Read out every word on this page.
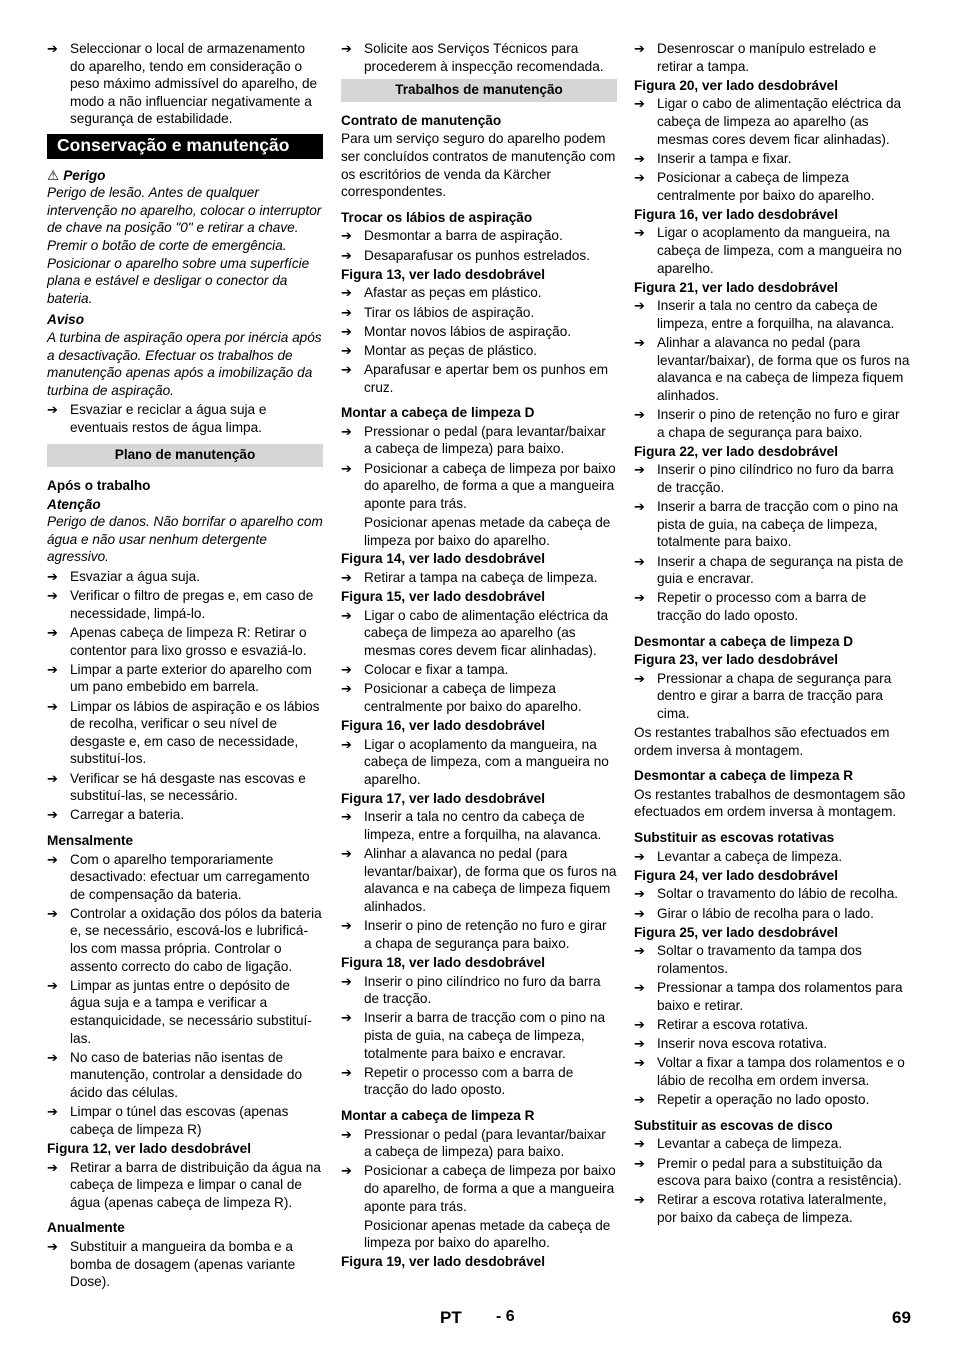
➔ Seleccionar o local de armazenamento do aparelho, tendo em consideração o peso máximo admissível do aparelho, de modo a não influenciar negativamente a segurança de estabilidade.
Conservação e manutenção
⚠ Perigo
Perigo de lesão. Antes de qualquer intervenção no aparelho, colocar o interruptor de chave na posição "0" e retirar a chave. Premir o botão de corte de emergência. Posicionar o aparelho sobre uma superfície plana e estável e desligar o conector da bateria.
Aviso
A turbina de aspiração opera por inércia após a desactivação. Efectuar os trabalhos de manutenção apenas após a imobilização da turbina de aspiração.
➔ Esvaziar e reciclar a água suja e eventuais restos de água limpa.
Plano de manutenção
Após o trabalho
Atenção
Perigo de danos. Não borrifar o aparelho com água e não usar nenhum detergente agressivo.
➔ Esvaziar a água suja.
➔ Verificar o filtro de pregas e, em caso de necessidade, limpá-lo.
➔ Apenas cabeça de limpeza R: Retirar o contentor para lixo grosso e esvaziá-lo.
➔ Limpar a parte exterior do aparelho com um pano embebido em barrela.
➔ Limpar os lábios de aspiração e os lábios de recolha, verificar o seu nível de desgaste e, em caso de necessidade, substituí-los.
➔ Verificar se há desgaste nas escovas e substituí-las, se necessário.
➔ Carregar a bateria.
Mensalmente
➔ Com o aparelho temporariamente desactivado: efectuar um carregamento de compensação da bateria.
➔ Controlar a oxidação dos pólos da bateria e, se necessário, escová-los e lubrificá-los com massa própria. Controlar o assento correcto do cabo de ligação.
➔ Limpar as juntas entre o depósito de água suja e a tampa e verificar a estanquicidade, se necessário substituí-las.
➔ No caso de baterias não isentas de manutenção, controlar a densidade do ácido das células.
➔ Limpar o túnel das escovas (apenas cabeça de limpeza R)
Figura 12, ver lado desdobrável
➔ Retirar a barra de distribuição da água na cabeça de limpeza e limpar o canal de água (apenas cabeça de limpeza R).
Anualmente
➔ Substituir a mangueira da bomba e a bomba de dosagem (apenas variante Dose).
➔ Solicite aos Serviços Técnicos para procederem à inspecção recomendada.
Trabalhos de manutenção
Contrato de manutenção
Para um serviço seguro do aparelho podem ser concluídos contratos de manutenção com os escritórios de venda da Kärcher correspondentes.
Trocar os lábios de aspiração
➔ Desmontar a barra de aspiração.
➔ Desaparafusar os punhos estrelados.
Figura 13, ver lado desdobrável
➔ Afastar as peças em plástico.
➔ Tirar os lábios de aspiração.
➔ Montar novos lábios de aspiração.
➔ Montar as peças de plástico.
➔ Aparafusar e apertar bem os punhos em cruz.
Montar a cabeça de limpeza D
➔ Pressionar o pedal (para levantar/baixar a cabeça de limpeza) para baixo.
➔ Posicionar a cabeça de limpeza por baixo do aparelho, de forma a que a mangueira aponte para trás.
Posicionar apenas metade da cabeça de limpeza por baixo do aparelho.
Figura 14, ver lado desdobrável
➔ Retirar a tampa na cabeça de limpeza.
Figura 15, ver lado desdobrável
➔ Ligar o cabo de alimentação eléctrica da cabeça de limpeza ao aparelho (as mesmas cores devem ficar alinhadas).
➔ Colocar e fixar a tampa.
➔ Posicionar a cabeça de limpeza centralmente por baixo do aparelho.
Figura 16, ver lado desdobrável
➔ Ligar o acoplamento da mangueira, na cabeça de limpeza, com a mangueira no aparelho.
Figura 17, ver lado desdobrável
➔ Inserir a tala no centro da cabeça de limpeza, entre a forquilha, na alavanca.
➔ Alinhar a alavanca no pedal (para levantar/baixar), de forma que os furos na alavanca e na cabeça de limpeza fiquem alinhados.
➔ Inserir o pino de retenção no furo e girar a chapa de segurança para baixo.
Figura 18, ver lado desdobrável
➔ Inserir o pino cilíndrico no furo da barra de tracção.
➔ Inserir a barra de tracção com o pino na pista de guia, na cabeça de limpeza, totalmente para baixo e encravar.
➔ Repetir o processo com a barra de tracção do lado oposto.
Montar a cabeça de limpeza R
➔ Pressionar o pedal (para levantar/baixar a cabeça de limpeza) para baixo.
➔ Posicionar a cabeça de limpeza por baixo do aparelho, de forma a que a mangueira aponte para trás.
Posicionar apenas metade da cabeça de limpeza por baixo do aparelho.
Figura 19, ver lado desdobrável
➔ Desenroscar o manípulo estrelado e retirar a tampa.
Figura 20, ver lado desdobrável
➔ Ligar o cabo de alimentação eléctrica da cabeça de limpeza ao aparelho (as mesmas cores devem ficar alinhadas).
➔ Inserir a tampa e fixar.
➔ Posicionar a cabeça de limpeza centralmente por baixo do aparelho.
Figura 16, ver lado desdobrável
➔ Ligar o acoplamento da mangueira, na cabeça de limpeza, com a mangueira no aparelho.
Figura 21, ver lado desdobrável
➔ Inserir a tala no centro da cabeça de limpeza, entre a forquilha, na alavanca.
➔ Alinhar a alavanca no pedal (para levantar/baixar), de forma que os furos na alavanca e na cabeça de limpeza fiquem alinhados.
➔ Inserir o pino de retenção no furo e girar a chapa de segurança para baixo.
Figura 22, ver lado desdobrável
➔ Inserir o pino cilíndrico no furo da barra de tracção.
➔ Inserir a barra de tracção com o pino na pista de guia, na cabeça de limpeza, totalmente para baixo.
➔ Inserir a chapa de segurança na pista de guia e encravar.
➔ Repetir o processo com a barra de tracção do lado oposto.
Desmontar a cabeça de limpeza D
Figura 23, ver lado desdobrável
➔ Pressionar a chapa de segurança para dentro e girar a barra de tracção para cima.
Os restantes trabalhos são efectuados em ordem inversa à montagem.
Desmontar a cabeça de limpeza R
Os restantes trabalhos de desmontagem são efectuados em ordem inversa à montagem.
Substituir as escovas rotativas
➔ Levantar a cabeça de limpeza.
Figura 24, ver lado desdobrável
➔ Soltar o travamento do lábio de recolha.
➔ Girar o lábio de recolha para o lado.
Figura 25, ver lado desdobrável
➔ Soltar o travamento da tampa dos rolamentos.
➔ Pressionar a tampa dos rolamentos para baixo e retirar.
➔ Retirar a escova rotativa.
➔ Inserir nova escova rotativa.
➔ Voltar a fixar a tampa dos rolamentos e o lábio de recolha em ordem inversa.
➔ Repetir a operação no lado oposto.
Substituir as escovas de disco
➔ Levantar a cabeça de limpeza.
➔ Premir o pedal para a substituição da escova para baixo (contra a resistência).
➔ Retirar a escova rotativa lateralmente, por baixo da cabeça de limpeza.
PT - 6	69
